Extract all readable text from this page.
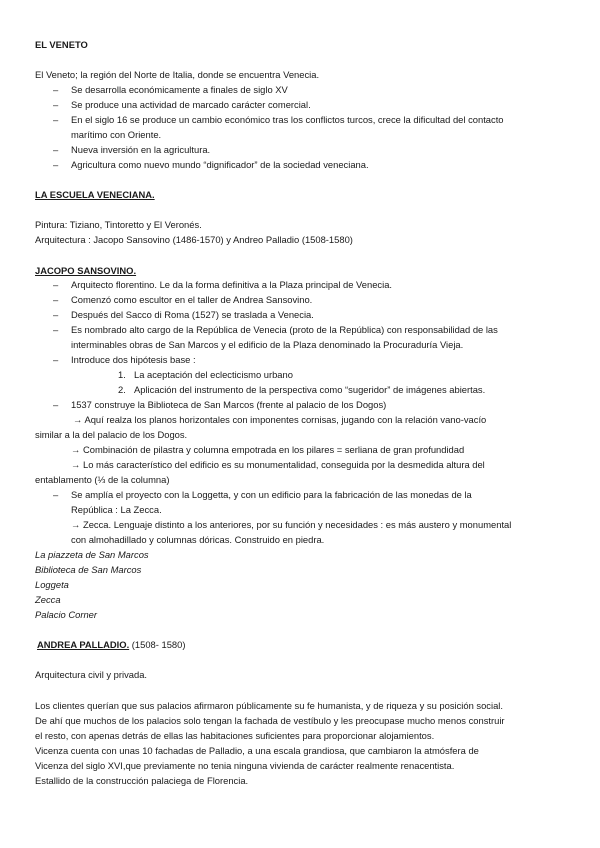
EL VENETO
El Veneto; la región del Norte de Italia, donde se encuentra Venecia.
– Se desarrolla económicamente a finales de siglo XV
– Se produce una actividad de marcado carácter comercial.
– En el siglo 16 se produce un cambio económico tras los conflictos turcos, crece la dificultad del contacto
marítimo con Oriente.
– Nueva inversión en la agricultura.
– Agricultura como nuevo mundo “dignificador” de la sociedad veneciana.
LA ESCUELA VENECIANA.
Pintura: Tiziano, Tintoretto y El Veronés.
Arquitectura : Jacopo Sansovino (1486-1570) y Andreo Palladio (1508-1580)
JACOPO SANSOVINO.
– Arquitecto florentino. Le da la forma definitiva a la Plaza principal de Venecia.
– Comenzó como escultor en el taller de Andrea Sansovino.
– Después del Sacco di Roma (1527) se traslada a Venecia.
– Es nombrado alto cargo de la República de Venecia (proto de la República) con responsabilidad de las
interminables obras de San Marcos y el edificio de la Plaza denominado la Procuraduría Vieja.
– Introduce dos hipótesis base :
1. La aceptación del eclecticismo urbano
2. Aplicación del instrumento de la perspectiva como “sugeridor” de imágenes abiertas.
– 1537 construye la Biblioteca de San Marcos (frente al palacio de los Dogos)
→ Aquí realza los planos horizontales con imponentes cornisas, jugando con la relación vano-vacío
similar a la del palacio de los Dogos.
→ Combinación de pilastra y columna empotrada en los pilares = serliana de gran profundidad
→ Lo más característico del edificio es su monumentalidad, conseguida por la desmedida altura del
entablamento (⅓ de la columna)
– Se amplía el proyecto con la Loggetta, y con un edificio para la fabricación de las monedas de la
República : La Zecca.
→ Zecca. Lenguaje distinto a los anteriores, por su función y necesidades : es más austero y monumental
con almohadillado y columnas dóricas. Construido en piedra.
La piazzeta de San Marcos
Biblioteca de San Marcos
Loggeta
Zecca
Palacio Corner
ANDREA PALLADIO. (1508- 1580)
Arquitectura civil y privada.
Los clientes querían que sus palacios afirmaron públicamente su fe humanista, y de riqueza y su posición social.
De ahí que muchos de los palacios solo tengan la fachada de vestíbulo y les preocupase mucho menos construir
el resto, con apenas detrás de ellas las habitaciones suficientes para proporcionar alojamientos.
Vicenza cuenta con unas 10 fachadas de Palladio, a una escala grandiosa, que cambiaron la atmósfera de
Vicenza del siglo XVI,que previamente no tenia ninguna vivienda de carácter realmente renacentista.
Estallido de la construcción palaciega de Florencia.
